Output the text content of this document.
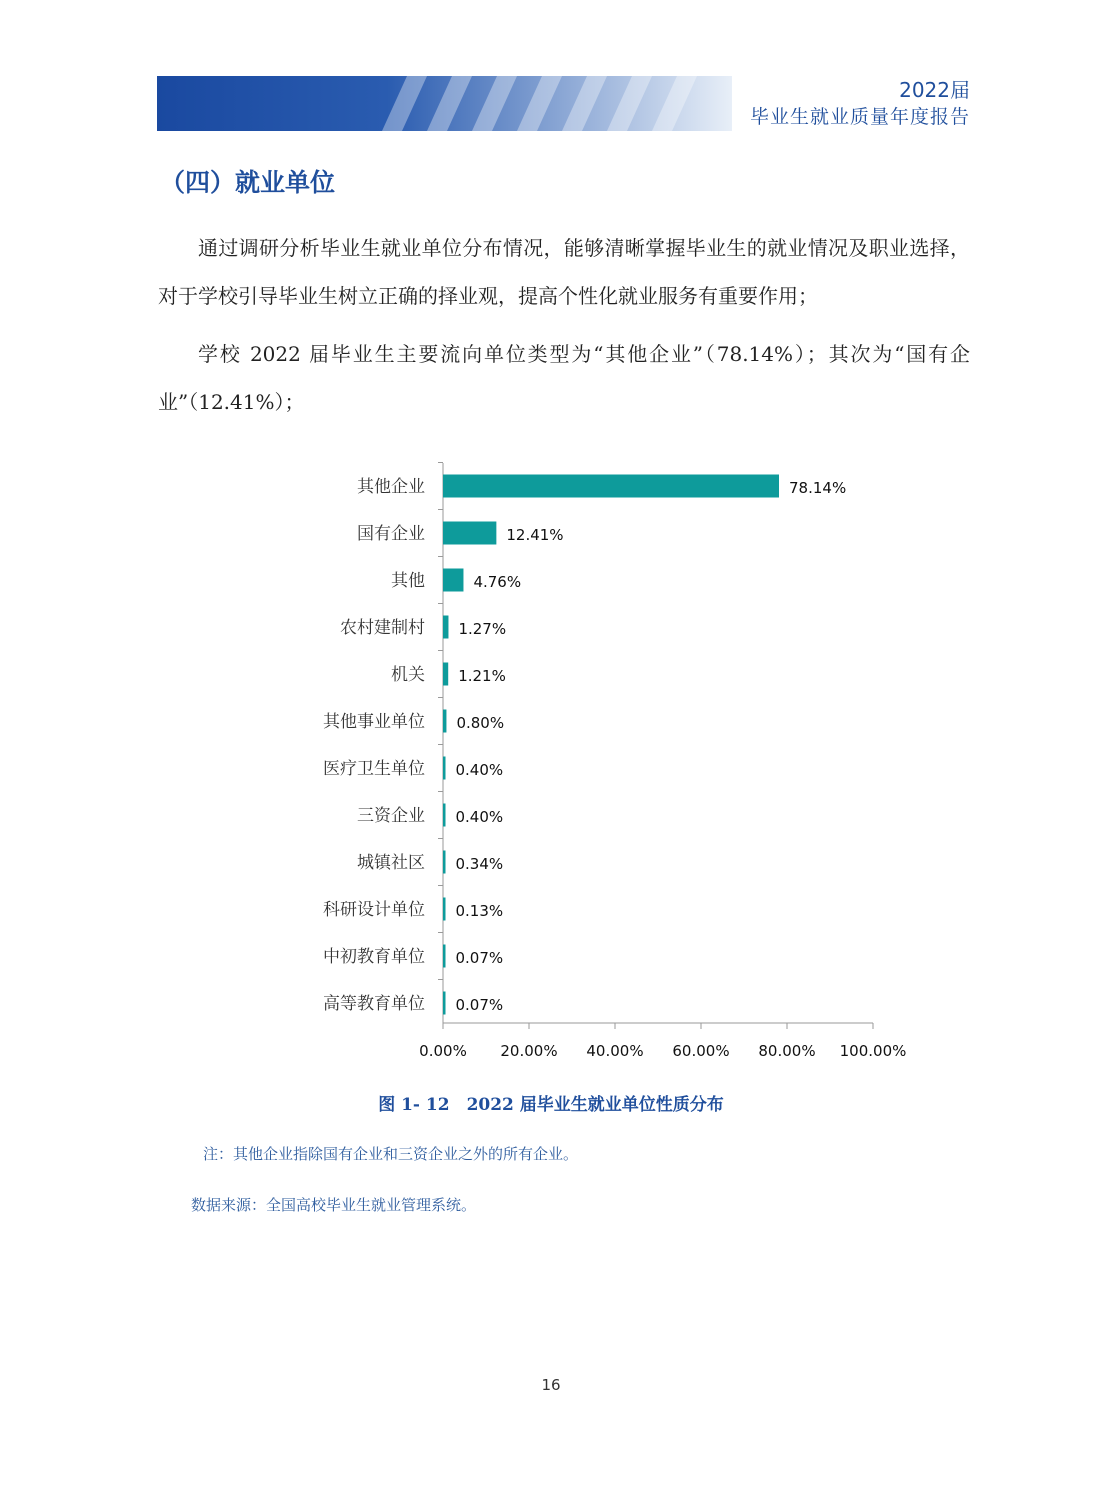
2022届
毕业生就业质量年度报告
（四）就业单位

通过调研分析毕业生就业单位分布情况，能够清晰掌握毕业生的就业情况及职业选择，对于学校引导毕业生树立正确的择业观，提高个性化就业服务有重要作用；

学校 2022 届毕业生主要流向单位类型为“其他企业”（78.14%）；其次为“国有企业”（12.41%）；

其他企业	78.14%
国有企业	12.41%
其他	4.76%
农村建制村 1.27%
机关 1.21%
其他事业单位 0.80%
医疗卫生单位 0.40%
三资企业 0.40%
城镇社区 0.34%
科研设计单位 0.13%
中初教育单位 0.07%
高等教育单位 0.07%
0.00% 20.00% 40.00% 60.00% 80.00% 100.00%
图 1- 12　2022 届毕业生就业单位性质分布
注：其他企业指除国有企业和三资企业之外的所有企业。
数据来源：全国高校毕业生就业管理系统。
16
